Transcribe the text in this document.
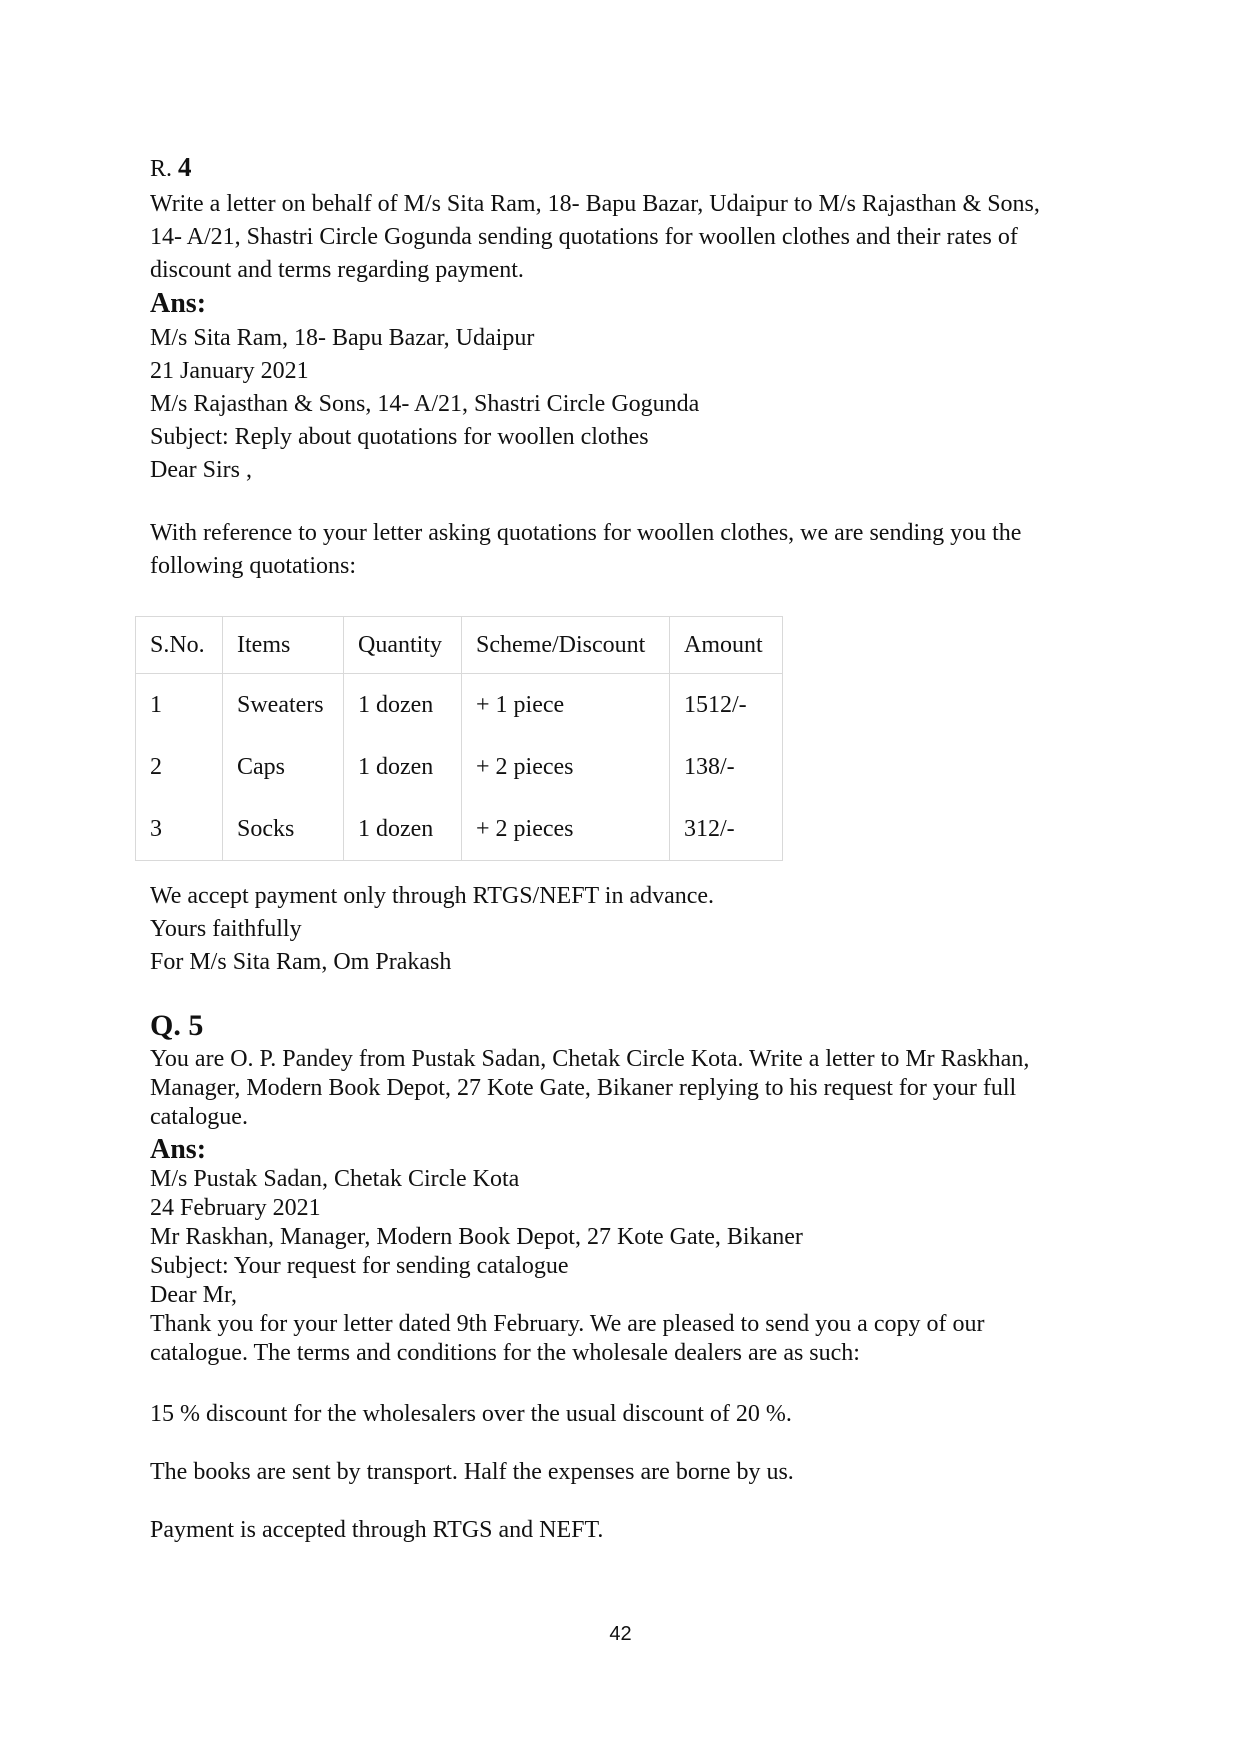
R. 4
Write a letter on behalf of M/s Sita Ram, 18- Bapu Bazar, Udaipur to M/s Rajasthan & Sons,
14- A/21, Shastri Circle Gogunda sending quotations for woollen clothes and their rates of
discount and terms regarding payment.
Ans:
M/s Sita Ram, 18- Bapu Bazar, Udaipur
21 January 2021
M/s Rajasthan & Sons, 14- A/21, Shastri Circle Gogunda
Subject: Reply about quotations for woollen clothes
Dear Sirs ,
With reference to your letter asking quotations for woollen clothes, we are sending you the
following quotations:
S.No.	Items	Quantity	Scheme/Discount	Amount
1	Sweaters	1 dozen	+ 1 piece	1512/-
2	Caps	1 dozen	+ 2 pieces	138/-
3	Socks	1 dozen	+ 2 pieces	312/-
We accept payment only through RTGS/NEFT in advance.
Yours faithfully
For M/s Sita Ram, Om Prakash
Q. 5
You are O. P. Pandey from Pustak Sadan, Chetak Circle Kota. Write a letter to Mr Raskhan,
Manager, Modern Book Depot, 27 Kote Gate, Bikaner replying to his request for your full
catalogue.
Ans:
M/s Pustak Sadan, Chetak Circle Kota
24 February 2021
Mr Raskhan, Manager, Modern Book Depot, 27 Kote Gate, Bikaner
Subject: Your request for sending catalogue
Dear Mr,
Thank you for your letter dated 9th February. We are pleased to send you a copy of our
catalogue. The terms and conditions for the wholesale dealers are as such:
15 % discount for the wholesalers over the usual discount of 20 %.
The books are sent by transport. Half the expenses are borne by us.
Payment is accepted through RTGS and NEFT.
42
